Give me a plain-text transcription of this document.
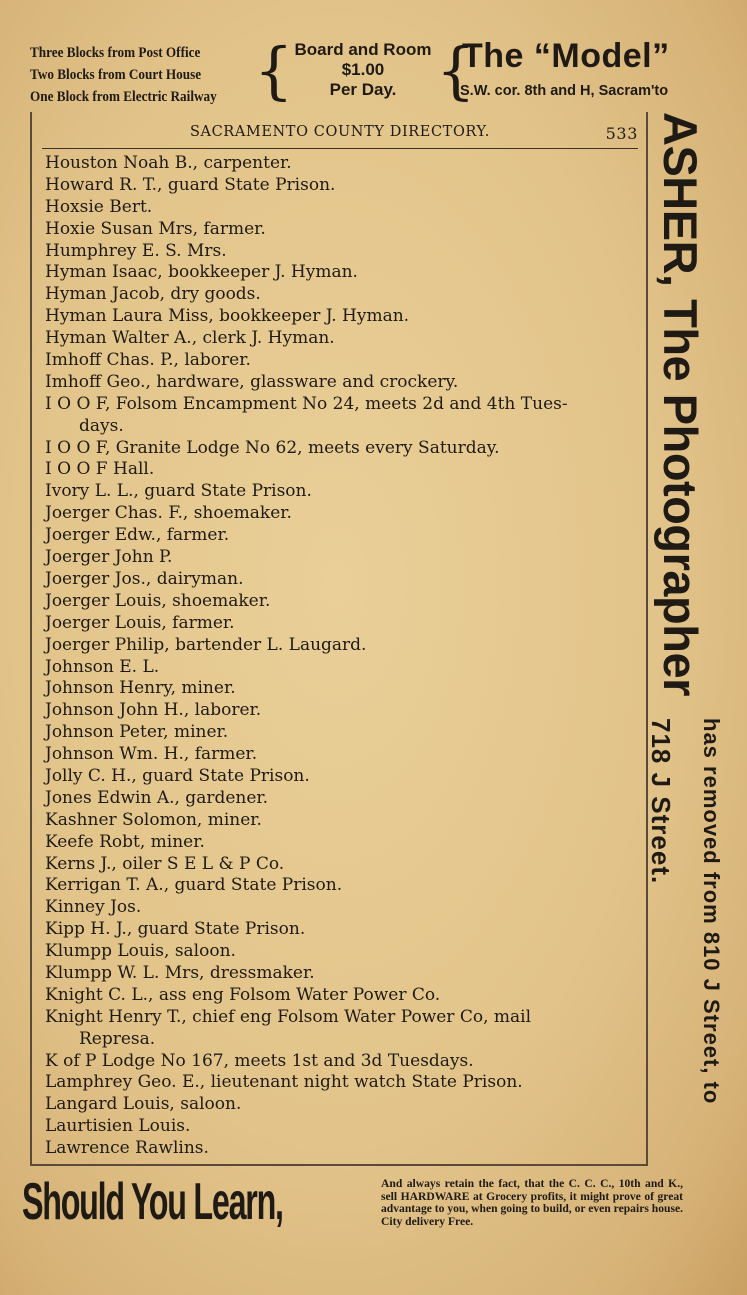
Three Blocks from Post Office
Two Blocks from Court House
One Block from Electric Railway { Board and Room
$1.00
Per Day. {
The “Model”
S.W. cor. 8th and H, Sacram'to
SACRAMENTO COUNTY DIRECTORY.	533
Houston Noah B., carpenter.
Howard R. T., guard State Prison.
Hoxsie Bert.
Hoxie Susan Mrs, farmer.
Humphrey E. S. Mrs.
Hyman Isaac, bookkeeper J. Hyman.
Hyman Jacob, dry goods.
Hyman Laura Miss, bookkeeper J. Hyman.
Hyman Walter A., clerk J. Hyman.
Imhoff Chas. P., laborer.
Imhoff Geo., hardware, glassware and crockery.
I O O F, Folsom Encampment No 24, meets 2d and 4th Tues-
days.
I O O F, Granite Lodge No 62, meets every Saturday.
I O O F Hall.
Ivory L. L., guard State Prison.
Joerger Chas. F., shoemaker.
Joerger Edw., farmer.
Joerger John P.
Joerger Jos., dairyman.
Joerger Louis, shoemaker.
Joerger Louis, farmer.
Joerger Philip, bartender L. Laugard.
Johnson E. L.
Johnson Henry, miner.
Johnson John H., laborer.
Johnson Peter, miner.
Johnson Wm. H., farmer.
Jolly C. H., guard State Prison.
Jones Edwin A., gardener.
Kashner Solomon, miner.
Keefe Robt, miner.
Kerns J., oiler S E L & P Co.
Kerrigan T. A., guard State Prison.
Kinney Jos.
Kipp H. J., guard State Prison.
Klumpp Louis, saloon.
Klumpp W. L. Mrs, dressmaker.
Knight C. L., ass eng Folsom Water Power Co.
Knight Henry T., chief eng Folsom Water Power Co, mail
Represa.
K of P Lodge No 167, meets 1st and 3d Tuesdays.
Lamphrey Geo. E., lieutenant night watch State Prison.
Langard Louis, saloon.
Laurtisien Louis.
Lawrence Rawlins.
ASHER, The Photographer
has removed from 810 J Street, to
718 J Street.
Should You Learn,	And always retain the fact, that the C. C. C., 10th and K., sell HARDWARE at Grocery profits, it might prove of great advantage to you, when going to build, or even repairs house. City delivery Free.
